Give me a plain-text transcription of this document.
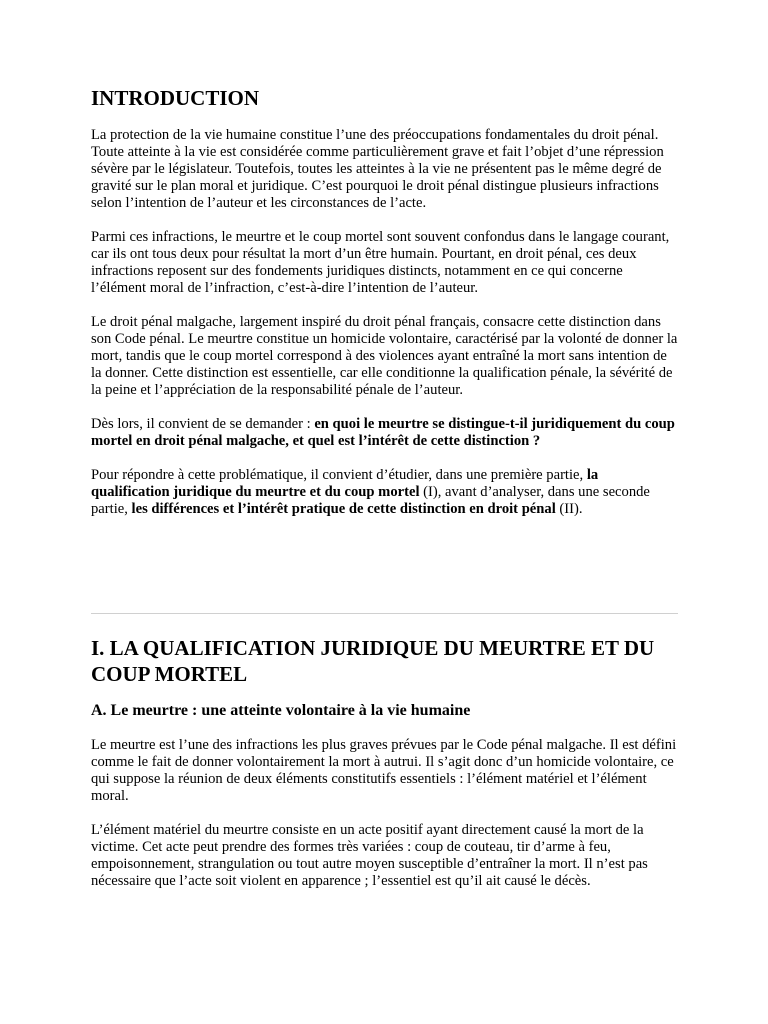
INTRODUCTION

La protection de la vie humaine constitue l’une des préoccupations fondamentales du droit pénal. Toute atteinte à la vie est considérée comme particulièrement grave et fait l’objet d’une répression sévère par le législateur. Toutefois, toutes les atteintes à la vie ne présentent pas le même degré de gravité sur le plan moral et juridique. C’est pourquoi le droit pénal distingue plusieurs infractions selon l’intention de l’auteur et les circonstances de l’acte.

Parmi ces infractions, le meurtre et le coup mortel sont souvent confondus dans le langage courant, car ils ont tous deux pour résultat la mort d’un être humain. Pourtant, en droit pénal, ces deux infractions reposent sur des fondements juridiques distincts, notamment en ce qui concerne l’élément moral de l’infraction, c’est-à-dire l’intention de l’auteur.

Le droit pénal malgache, largement inspiré du droit pénal français, consacre cette distinction dans son Code pénal. Le meurtre constitue un homicide volontaire, caractérisé par la volonté de donner la mort, tandis que le coup mortel correspond à des violences ayant entraîné la mort sans intention de la donner. Cette distinction est essentielle, car elle conditionne la qualification pénale, la sévérité de la peine et l’appréciation de la responsabilité pénale de l’auteur.

Dès lors, il convient de se demander : en quoi le meurtre se distingue-t-il juridiquement du coup mortel en droit pénal malgache, et quel est l’intérêt de cette distinction ?

Pour répondre à cette problématique, il convient d’étudier, dans une première partie, la qualification juridique du meurtre et du coup mortel (I), avant d’analyser, dans une seconde partie, les différences et l’intérêt pratique de cette distinction en droit pénal (II).

I. LA QUALIFICATION JURIDIQUE DU MEURTRE ET DU COUP MORTEL
A. Le meurtre : une atteinte volontaire à la vie humaine

Le meurtre est l’une des infractions les plus graves prévues par le Code pénal malgache. Il est défini comme le fait de donner volontairement la mort à autrui. Il s’agit donc d’un homicide volontaire, ce qui suppose la réunion de deux éléments constitutifs essentiels : l’élément matériel et l’élément moral.

L’élément matériel du meurtre consiste en un acte positif ayant directement causé la mort de la victime. Cet acte peut prendre des formes très variées : coup de couteau, tir d’arme à feu, empoisonnement, strangulation ou tout autre moyen susceptible d’entraîner la mort. Il n’est pas nécessaire que l’acte soit violent en apparence ; l’essentiel est qu’il ait causé le décès.
